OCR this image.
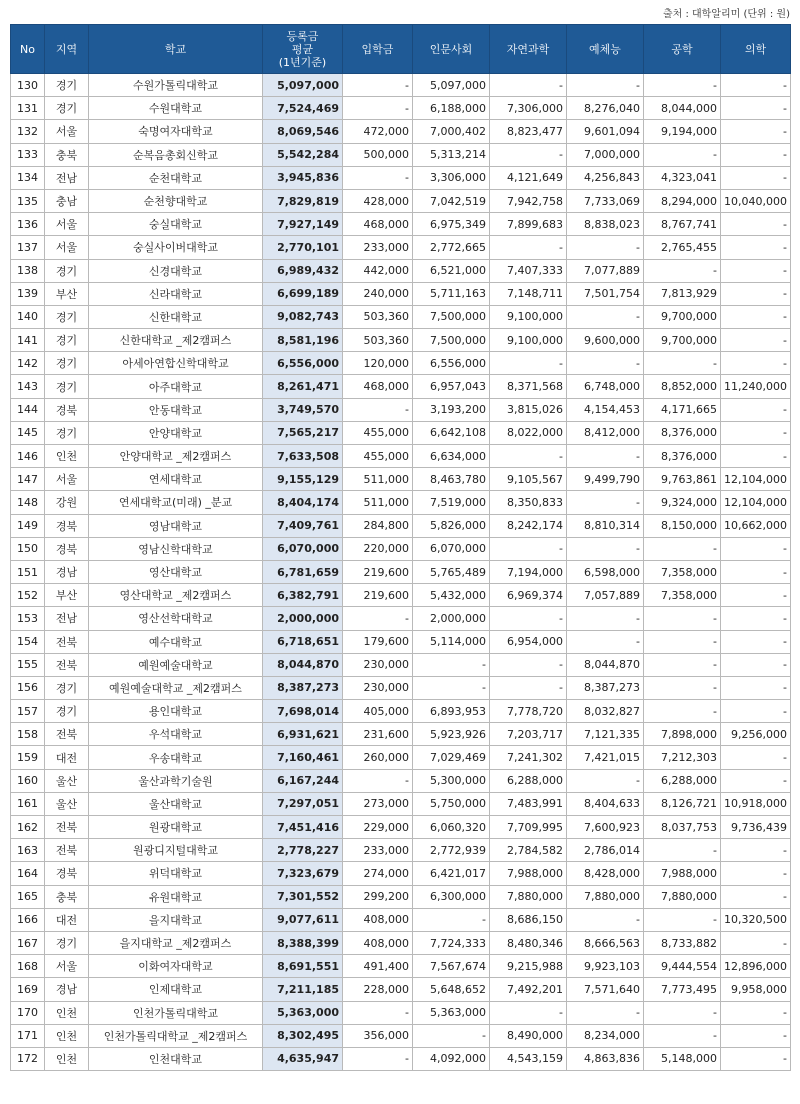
출처 : 대학알리미 (단위 : 원)
No	지역	학교	등록금
평균
(1년기준)	입학금	인문사회	자연과학	예체능	공학	의학
130	경기	수원가톨릭대학교	5,097,000	-	5,097,000	-	-	-	-
131	경기	수원대학교	7,524,469	-	6,188,000	7,306,000	8,276,040	8,044,000	-
132	서울	숙명여자대학교	8,069,546	472,000	7,000,402	8,823,477	9,601,094	9,194,000	-
133	충북	순복음총회신학교	5,542,284	500,000	5,313,214	-	7,000,000	-	-
134	전남	순천대학교	3,945,836	-	3,306,000	4,121,649	4,256,843	4,323,041	-
135	충남	순천향대학교	7,829,819	428,000	7,042,519	7,942,758	7,733,069	8,294,000	10,040,000
136	서울	숭실대학교	7,927,149	468,000	6,975,349	7,899,683	8,838,023	8,767,741	-
137	서울	숭실사이버대학교	2,770,101	233,000	2,772,665	-	-	2,765,455	-
138	경기	신경대학교	6,989,432	442,000	6,521,000	7,407,333	7,077,889	-	-
139	부산	신라대학교	6,699,189	240,000	5,711,163	7,148,711	7,501,754	7,813,929	-
140	경기	신한대학교	9,082,743	503,360	7,500,000	9,100,000	-	9,700,000	-
141	경기	신한대학교 _제2캠퍼스	8,581,196	503,360	7,500,000	9,100,000	9,600,000	9,700,000	-
142	경기	아세아연합신학대학교	6,556,000	120,000	6,556,000	-	-	-	-
143	경기	아주대학교	8,261,471	468,000	6,957,043	8,371,568	6,748,000	8,852,000	11,240,000
144	경북	안동대학교	3,749,570	-	3,193,200	3,815,026	4,154,453	4,171,665	-
145	경기	안양대학교	7,565,217	455,000	6,642,108	8,022,000	8,412,000	8,376,000	-
146	인천	안양대학교 _제2캠퍼스	7,633,508	455,000	6,634,000	-	-	8,376,000	-
147	서울	연세대학교	9,155,129	511,000	8,463,780	9,105,567	9,499,790	9,763,861	12,104,000
148	강원	연세대학교(미래) _분교	8,404,174	511,000	7,519,000	8,350,833	-	9,324,000	12,104,000
149	경북	영남대학교	7,409,761	284,800	5,826,000	8,242,174	8,810,314	8,150,000	10,662,000
150	경북	영남신학대학교	6,070,000	220,000	6,070,000	-	-	-	-
151	경남	영산대학교	6,781,659	219,600	5,765,489	7,194,000	6,598,000	7,358,000	-
152	부산	영산대학교 _제2캠퍼스	6,382,791	219,600	5,432,000	6,969,374	7,057,889	7,358,000	-
153	전남	영산선학대학교	2,000,000	-	2,000,000	-	-	-	-
154	전북	예수대학교	6,718,651	179,600	5,114,000	6,954,000	-	-	-
155	전북	예원예술대학교	8,044,870	230,000	-	-	8,044,870	-	-
156	경기	예원예술대학교 _제2캠퍼스	8,387,273	230,000	-	-	8,387,273	-	-
157	경기	용인대학교	7,698,014	405,000	6,893,953	7,778,720	8,032,827	-	-
158	전북	우석대학교	6,931,621	231,600	5,923,926	7,203,717	7,121,335	7,898,000	9,256,000
159	대전	우송대학교	7,160,461	260,000	7,029,469	7,241,302	7,421,015	7,212,303	-
160	울산	울산과학기술원	6,167,244	-	5,300,000	6,288,000	-	6,288,000	-
161	울산	울산대학교	7,297,051	273,000	5,750,000	7,483,991	8,404,633	8,126,721	10,918,000
162	전북	원광대학교	7,451,416	229,000	6,060,320	7,709,995	7,600,923	8,037,753	9,736,439
163	전북	원광디지털대학교	2,778,227	233,000	2,772,939	2,784,582	2,786,014	-	-
164	경북	위덕대학교	7,323,679	274,000	6,421,017	7,988,000	8,428,000	7,988,000	-
165	충북	유원대학교	7,301,552	299,200	6,300,000	7,880,000	7,880,000	7,880,000	-
166	대전	을지대학교	9,077,611	408,000	-	8,686,150	-	-	10,320,500
167	경기	을지대학교 _제2캠퍼스	8,388,399	408,000	7,724,333	8,480,346	8,666,563	8,733,882	-
168	서울	이화여자대학교	8,691,551	491,400	7,567,674	9,215,988	9,923,103	9,444,554	12,896,000
169	경남	인제대학교	7,211,185	228,000	5,648,652	7,492,201	7,571,640	7,773,495	9,958,000
170	인천	인천가톨릭대학교	5,363,000	-	5,363,000	-	-	-	-
171	인천	인천가톨릭대학교 _제2캠퍼스	8,302,495	356,000	-	8,490,000	8,234,000	-	-
172	인천	인천대학교	4,635,947	-	4,092,000	4,543,159	4,863,836	5,148,000	-
